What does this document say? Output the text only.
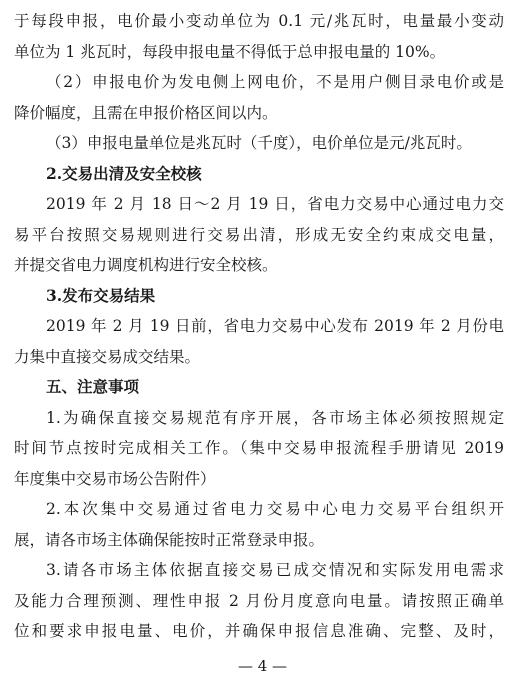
于每段申报，电价最小变动单位为 0.1 元/兆瓦时，电量最小变动
单位为 1 兆瓦时，每段申报电量不得低于总申报电量的 10%。
（2）申报电价为发电侧上网电价，不是用户侧目录电价或是
降价幅度，且需在申报价格区间以内。
（3）申报电量单位是兆瓦时（千度），电价单位是元/兆瓦时。
2.交易出清及安全校核
2019 年 2 月 18 日～2 月 19 日，省电力交易中心通过电力交
易平台按照交易规则进行交易出清，形成无安全约束成交电量，
并提交省电力调度机构进行安全校核。
3.发布交易结果
2019 年 2 月 19 日前，省电力交易中心发布 2019 年 2 月份电
力集中直接交易成交结果。
五、注意事项
1.为确保直接交易规范有序开展，各市场主体必须按照规定
时间节点按时完成相关工作。（集中交易申报流程手册请见 2019
年度集中交易市场公告附件）
2.本次集中交易通过省电力交易中心电力交易平台组织开
展，请各市场主体确保能按时正常登录申报。
3.请各市场主体依据直接交易已成交情况和实际发用电需求
及能力合理预测、理性申报 2 月份月度意向电量。请按照正确单
位和要求申报电量、电价，并确保申报信息准确、完整、及时，
— 4 —
